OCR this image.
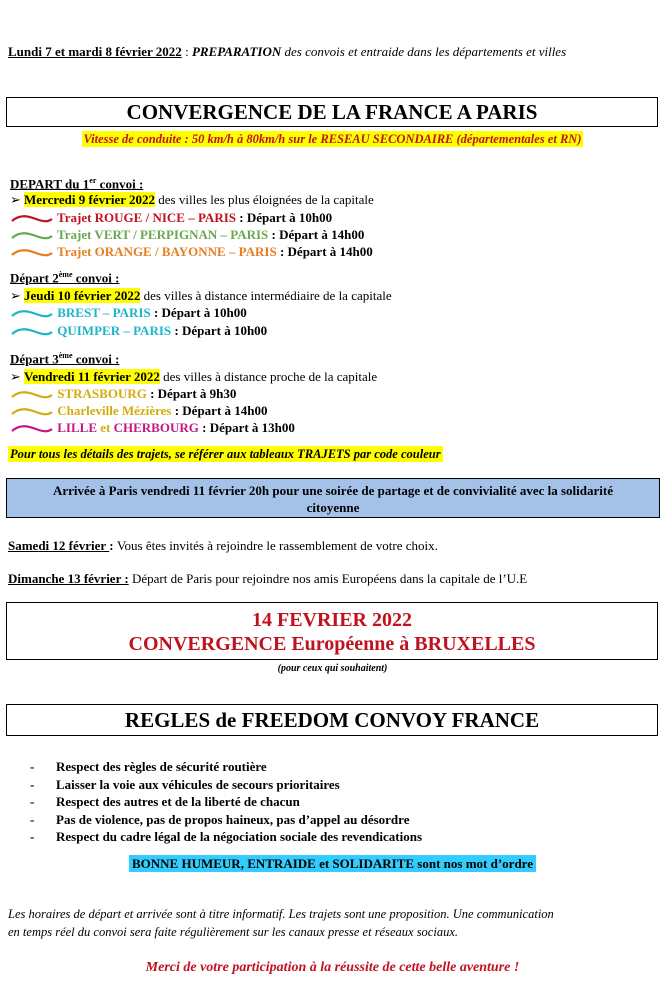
Lundi 7 et mardi 8 février 2022 : PREPARATION des convois et entraide dans les départements et villes
CONVERGENCE DE LA FRANCE A PARIS
Vitesse de conduite : 50 km/h à 80km/h sur le RESEAU SECONDAIRE (départementales et RN)
DEPART du 1er convoi :
➢ Mercredi 9 février 2022 des villes les plus éloignées de la capitale
Trajet ROUGE / NICE – PARIS : Départ à 10h00
Trajet VERT / PERPIGNAN – PARIS : Départ à 14h00
Trajet ORANGE / BAYONNE – PARIS : Départ à 14h00
Départ 2ème convoi :
➢ Jeudi 10 février 2022 des villes à distance intermédiaire de la capitale
BREST – PARIS : Départ à 10h00
QUIMPER – PARIS : Départ à 10h00
Départ 3ème convoi :
➢ Vendredi 11 février 2022 des villes à distance proche de la capitale
STRASBOURG : Départ à 9h30
Charleville Mézières : Départ à 14h00
LILLE et CHERBOURG : Départ à 13h00
Pour tous les détails des trajets, se référer aux tableaux TRAJETS par code couleur
Arrivée à Paris vendredi 11 février 20h pour une soirée de partage et de convivialité avec la solidarité
citoyenne
Samedi 12 février : Vous êtes invités à rejoindre le rassemblement de votre choix.
Dimanche 13 février : Départ de Paris pour rejoindre nos amis Européens dans la capitale de l’U.E
14 FEVRIER 2022
CONVERGENCE Européenne à BRUXELLES
(pour ceux qui souhaitent)
REGLES de FREEDOM CONVOY FRANCE
- Respect des règles de sécurité routière
- Laisser la voie aux véhicules de secours prioritaires
- Respect des autres et de la liberté de chacun
- Pas de violence, pas de propos haineux, pas d’appel au désordre
- Respect du cadre légal de la négociation sociale des revendications
BONNE HUMEUR, ENTRAIDE et SOLIDARITE sont nos mot d’ordre
Les horaires de départ et arrivée sont à titre informatif. Les trajets sont une proposition. Une communication
en temps réel du convoi sera faite régulièrement sur les canaux presse et réseaux sociaux.
Merci de votre participation à la réussite de cette belle aventure !
